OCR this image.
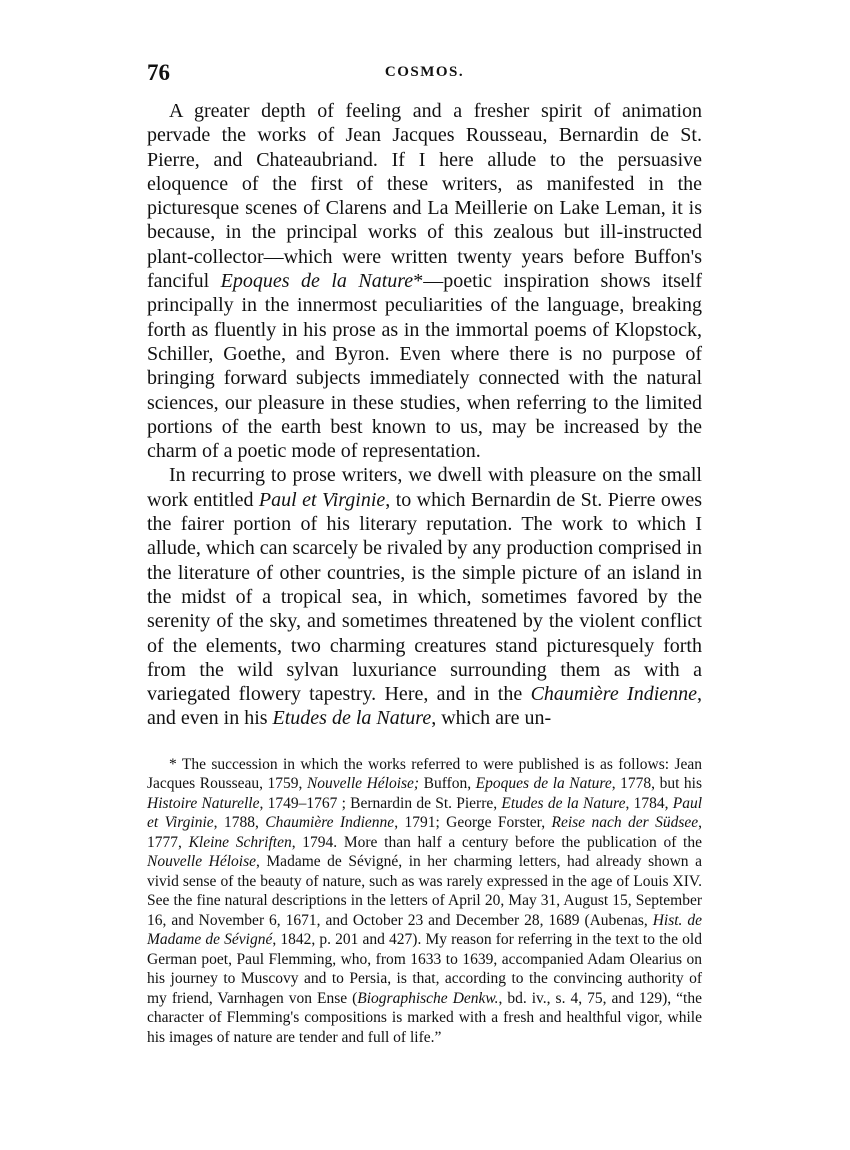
76	COSMOS.

A greater depth of feeling and a fresher spirit of animation pervade the works of Jean Jacques Rousseau, Bernardin de St. Pierre, and Chateaubriand. If I here allude to the persuasive eloquence of the first of these writers, as manifested in the picturesque scenes of Clarens and La Meillerie on Lake Leman, it is because, in the principal works of this zealous but ill-instructed plant-collector—which were written twenty years before Buffon's fanciful Epoques de la Nature*—poetic inspiration shows itself principally in the innermost peculiarities of the language, breaking forth as fluently in his prose as in the immortal poems of Klopstock, Schiller, Goethe, and Byron. Even where there is no purpose of bringing forward subjects immediately connected with the natural sciences, our pleasure in these studies, when referring to the limited portions of the earth best known to us, may be increased by the charm of a poetic mode of representation.

In recurring to prose writers, we dwell with pleasure on the small work entitled Paul et Virginie, to which Bernardin de St. Pierre owes the fairer portion of his literary reputation. The work to which I allude, which can scarcely be rivaled by any production comprised in the literature of other countries, is the simple picture of an island in the midst of a tropical sea, in which, sometimes favored by the serenity of the sky, and sometimes threatened by the violent conflict of the elements, two charming creatures stand picturesquely forth from the wild sylvan luxuriance surrounding them as with a variegated flowery tapestry. Here, and in the Chaumière Indienne, and even in his Etudes de la Nature, which are un-

* The succession in which the works referred to were published is as follows: Jean Jacques Rousseau, 1759, Nouvelle Héloise; Buffon, Epoques de la Nature, 1778, but his Histoire Naturelle, 1749–1767 ; Bernardin de St. Pierre, Etudes de la Nature, 1784, Paul et Virginie, 1788, Chaumière Indienne, 1791; George Forster, Reise nach der Südsee, 1777, Kleine Schriften, 1794. More than half a century before the publication of the Nouvelle Héloise, Madame de Sévigné, in her charming letters, had already shown a vivid sense of the beauty of nature, such as was rarely expressed in the age of Louis XIV. See the fine natural descriptions in the letters of April 20, May 31, August 15, September 16, and November 6, 1671, and October 23 and December 28, 1689 (Aubenas, Hist. de Madame de Sévigné, 1842, p. 201 and 427). My reason for referring in the text to the old German poet, Paul Flemming, who, from 1633 to 1639, accompanied Adam Olearius on his journey to Muscovy and to Persia, is that, according to the convincing authority of my friend, Varnhagen von Ense (Biographische Denkw., bd. iv., s. 4, 75, and 129), “the character of Flemming's compositions is marked with a fresh and healthful vigor, while his images of nature are tender and full of life.”
